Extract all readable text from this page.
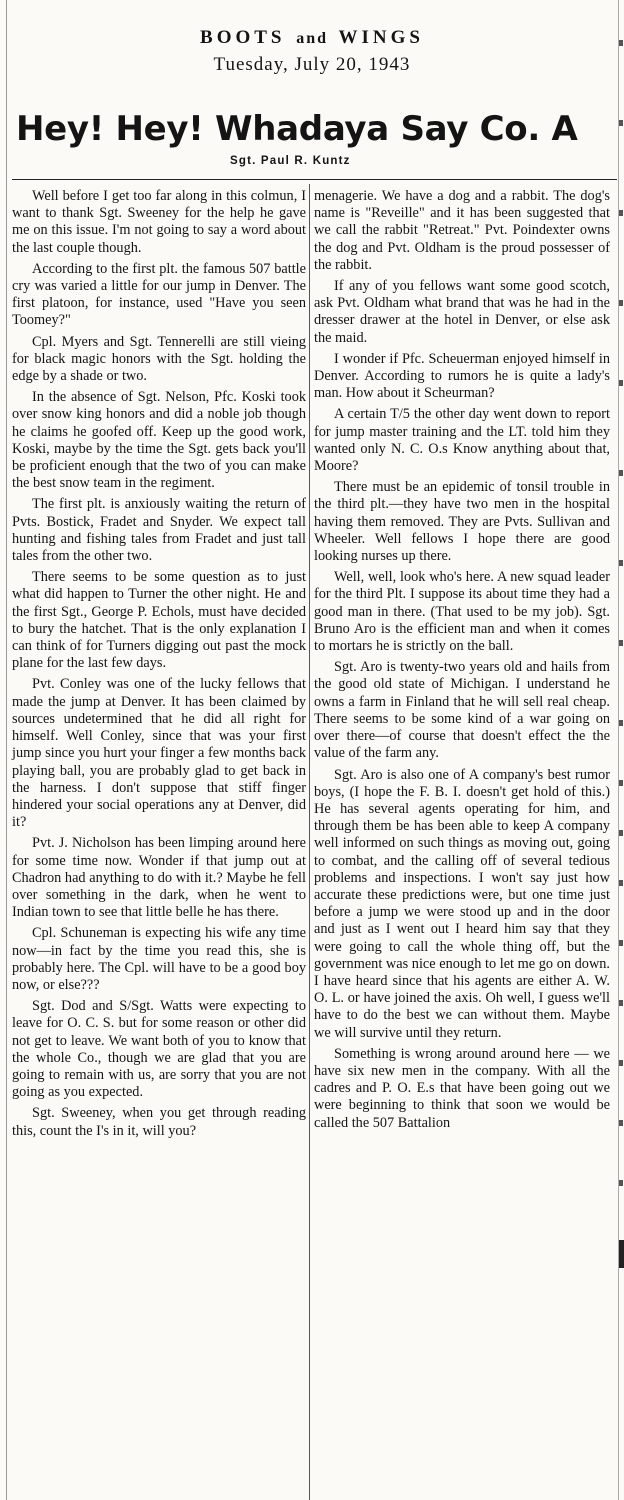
BOOTS and WINGS
Tuesday, July 20, 1943
Hey! Hey! Whadaya Say Co. A
Sgt. Paul R. Kuntz

Well before I get too far along in this colmun, I want to thank Sgt. Sweeney for the help he gave me on this issue. I'm not going to say a word about the last couple though.

According to the first plt. the famous 507 battle cry was varied a little for our jump in Denver. The first platoon, for instance, used "Have you seen Toomey?"

Cpl. Myers and Sgt. Tennerelli are still vieing for black magic honors with the Sgt. holding the edge by a shade or two.

In the absence of Sgt. Nelson, Pfc. Koski took over snow king honors and did a noble job though he claims he goofed off. Keep up the good work, Koski, maybe by the time the Sgt. gets back you'll be proficient enough that the two of you can make the best snow team in the regiment.

The first plt. is anxiously waiting the return of Pvts. Bostick, Fradet and Snyder. We expect tall hunting and fishing tales from Fradet and just tall tales from the other two.

There seems to be some question as to just what did happen to Turner the other night. He and the first Sgt., George P. Echols, must have decided to bury the hatchet. That is the only explanation I can think of for Turners digging out past the mock plane for the last few days.

Pvt. Conley was one of the lucky fellows that made the jump at Denver. It has been claimed by sources undetermined that he did all right for himself. Well Conley, since that was your first jump since you hurt your finger a few months back playing ball, you are probably glad to get back in the harness. I don't suppose that stiff finger hindered your social operations any at Denver, did it?

Pvt. J. Nicholson has been limping around here for some time now. Wonder if that jump out at Chadron had anything to do with it.? Maybe he fell over something in the dark, when he went to Indian town to see that little belle he has there.

Cpl. Schuneman is expecting his wife any time now—in fact by the time you read this, she is probably here. The Cpl. will have to be a good boy now, or else???

Sgt. Dod and S/Sgt. Watts were expecting to leave for O. C. S. but for some reason or other did not get to leave. We want both of you to know that the whole Co., though we are glad that you are going to remain with us, are sorry that you are not going as you expected.

Sgt. Sweeney, when you get through reading this, count the I's in it, will you?

menagerie. We have a dog and a rabbit. The dog's name is "Reveille" and it has been suggested that we call the rabbit "Retreat." Pvt. Poindexter owns the dog and Pvt. Oldham is the proud possesser of the rabbit.

If any of you fellows want some good scotch, ask Pvt. Oldham what brand that was he had in the dresser drawer at the hotel in Denver, or else ask the maid.

I wonder if Pfc. Scheuerman enjoyed himself in Denver. According to rumors he is quite a lady's man. How about it Scheurman?

A certain T/5 the other day went down to report for jump master training and the LT. told him they wanted only N. C. O.s Know anything about that, Moore?

There must be an epidemic of tonsil trouble in the third plt.—they have two men in the hospital having them removed. They are Pvts. Sullivan and Wheeler. Well fellows I hope there are good looking nurses up there.

Well, well, look who's here. A new squad leader for the third Plt. I suppose its about time they had a good man in there. (That used to be my job). Sgt. Bruno Aro is the efficient man and when it comes to mortars he is strictly on the ball.

Sgt. Aro is twenty-two years old and hails from the good old state of Michigan. I understand he owns a farm in Finland that he will sell real cheap. There seems to be some kind of a war going on over there—of course that doesn't effect the the value of the farm any.

Sgt. Aro is also one of A company's best rumor boys, (I hope the F. B. I. doesn't get hold of this.) He has several agents operating for him, and through them be has been able to keep A company well informed on such things as moving out, going to combat, and the calling off of several tedious problems and inspections. I won't say just how accurate these predictions were, but one time just before a jump we were stood up and in the door and just as I went out I heard him say that they were going to call the whole thing off, but the government was nice enough to let me go on down. I have heard since that his agents are either A. W. O. L. or have joined the axis. Oh well, I guess we'll have to do the best we can without them. Maybe we will survive until they return.

Something is wrong around around here — we have six new men in the company. With all the cadres and P. O. E.s that have been going out we were beginning to think that soon we would be called the 507 Battalion
